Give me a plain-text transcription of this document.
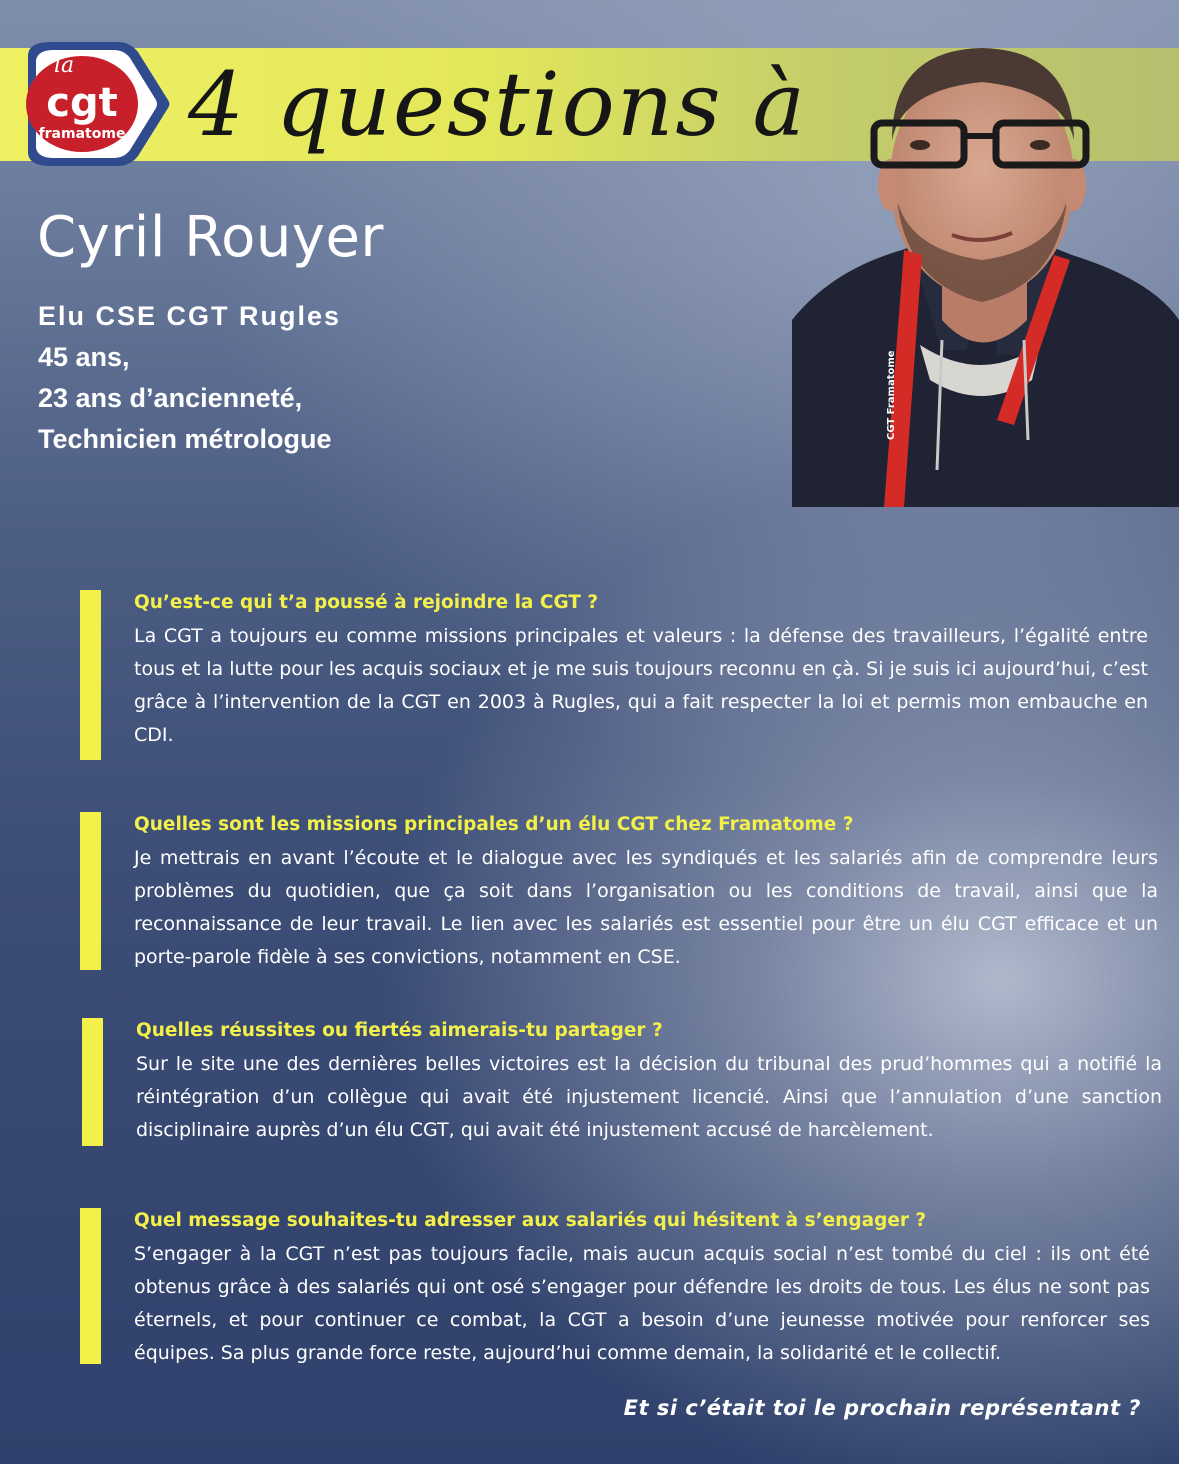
la
cgt
framatome 4 questions à
CGT Framatome
Cyril Rouyer
Elu CSE CGT Rugles
45 ans,
23 ans d’ancienneté,
Technicien métrologue
Qu’est-ce qui t’a poussé à rejoindre la CGT ?
La CGT a toujours eu comme missions principales et valeurs : la défense des travailleurs, l’égalité entre tous et la lutte pour les acquis sociaux et je me suis toujours reconnu en çà. Si je suis ici aujourd’hui, c’est grâce à l’intervention de la CGT en 2003 à Rugles, qui a fait respecter la loi et permis mon embauche en CDI.
Quelles sont les missions principales d’un élu CGT chez Framatome ?
Je mettrais en avant l’écoute et le dialogue avec les syndiqués et les salariés afin de comprendre leurs problèmes du quotidien, que ça soit dans l’organisation ou les conditions de travail, ainsi que la reconnaissance de leur travail. Le lien avec les salariés est essentiel pour être un élu CGT efficace et un porte-parole fidèle à ses convictions, notamment en CSE.
Quelles réussites ou fiertés aimerais-tu partager ?
Sur le site une des dernières belles victoires est la décision du tribunal des prud’hommes qui a notifié la réintégration d’un collègue qui avait été injustement licencié. Ainsi que l’annulation d’une sanction disciplinaire auprès d’un élu CGT, qui avait été injustement accusé de harcèlement.
Quel message souhaites-tu adresser aux salariés qui hésitent à s’engager ?
S’engager à la CGT n’est pas toujours facile, mais aucun acquis social n’est tombé du ciel : ils ont été obtenus grâce à des salariés qui ont osé s’engager pour défendre les droits de tous. Les élus ne sont pas éternels, et pour continuer ce combat, la CGT a besoin d’une jeunesse motivée pour renforcer ses équipes. Sa plus grande force reste, aujourd’hui comme demain, la solidarité et le collectif.
Et si c’était toi le prochain représentant ?
